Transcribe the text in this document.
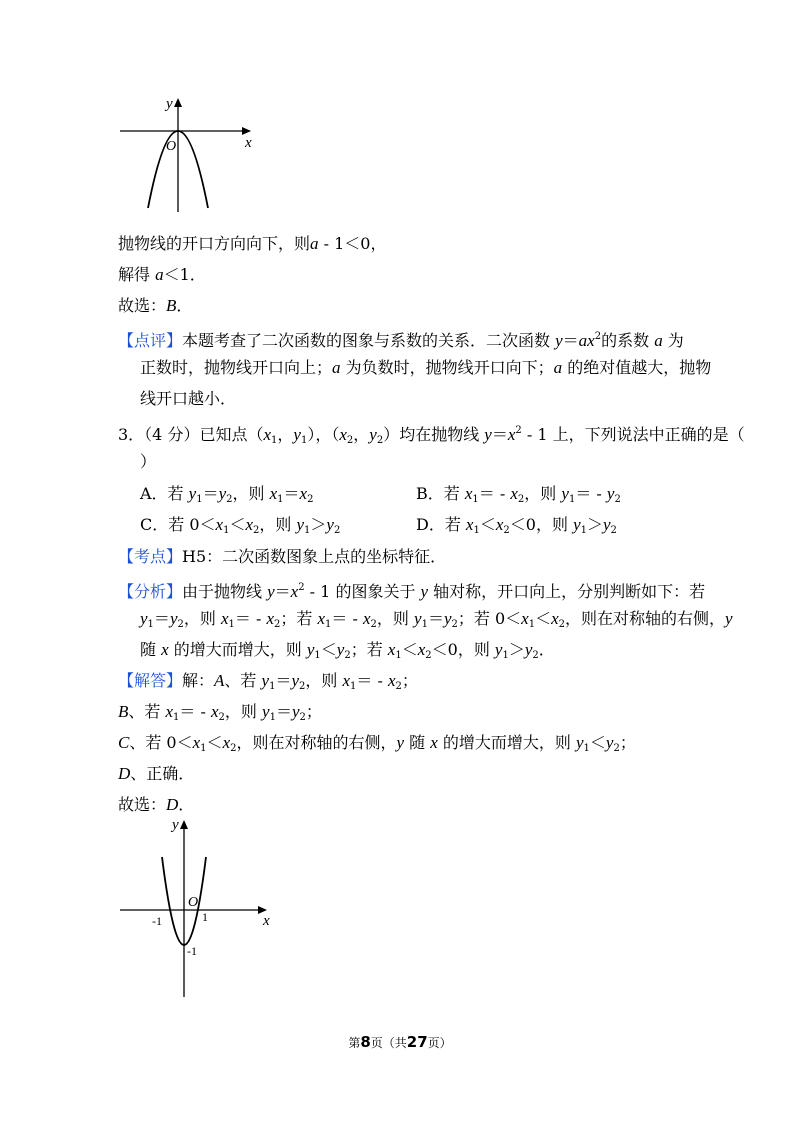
y
x
O
抛物线的开口方向向下，则a - 1＜0，
解得 a＜1．
故选：B．
【点评】本题考查了二次函数的图象与系数的关系．二次函数 $y=ax^2$的系数 a 为
正数时，抛物线开口向上；a 为负数时，抛物线开口向下；a 的绝对值越大，抛物
线开口越小．
3．（4 分）已知点（$x_1$，$y_1$），（$x_2$，$y_2$）均在抛物线 $y=x^2 - 1$ 上，下列说法中正确的是（
）
A．若 $y_1=y_2$，则 $x_1=x_2$	B．若 $x_1= - x_2$，则 $y_1= - y_2$
C．若 $0<x_1<x_2$，则 $y_1>y_2$	D．若 $x_1<x_2<0$，则 $y_1>y_2$
【考点】H5：二次函数图象上点的坐标特征．
【分析】由于抛物线 $y=x^2 - 1$ 的图象关于 y 轴对称，开口向上，分别判断如下：若
$y_1=y_2$，则 $x_1= - x_2$；若 $x_1= - x_2$，则 $y_1=y_2$；若 $0<x_1<x_2$，则在对称轴的右侧，y
随 x 的增大而增大，则 $y_1<y_2$；若 $x_1<x_2<0$，则 $y_1>y_2$．
【解答】解：A、若 $y_1=y_2$，则 $x_1= - x_2$；
B、若 $x_1= - x_2$，则 $y_1=y_2$；
C、若 $0<x_1<x_2$，则在对称轴的右侧，y 随 x 的增大而增大，则 $y_1<y_2$；
D、正确．
故选：D．
y
x
O
-1	1
-1
第8页（共27页）
